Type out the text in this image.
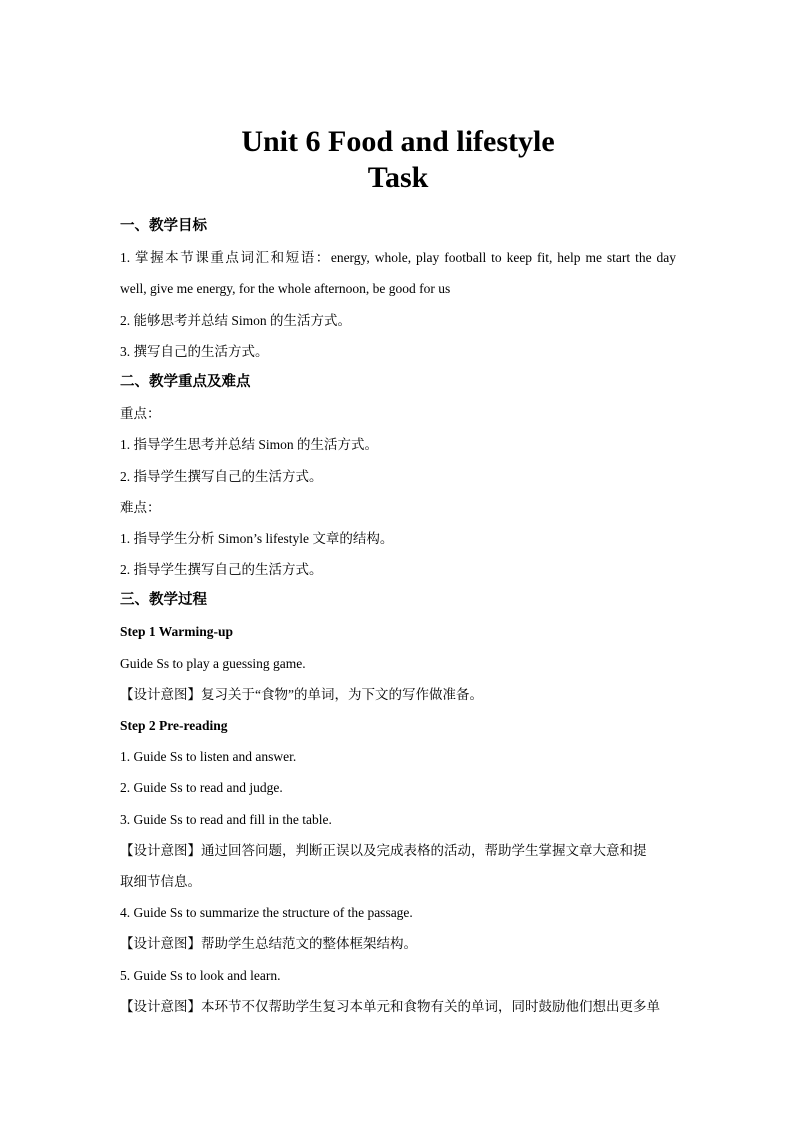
Unit 6 Food and lifestyle
Task

一、教学目标

1. 掌握本节课重点词汇和短语：energy, whole, play football to keep fit, help me start the day

well, give me energy, for the whole afternoon, be good for us

2. 能够思考并总结 Simon 的生活方式。

3. 撰写自己的生活方式。

二、教学重点及难点

重点：

1. 指导学生思考并总结 Simon 的生活方式。

2. 指导学生撰写自己的生活方式。

难点：

1. 指导学生分析 Simon’s lifestyle 文章的结构。

2. 指导学生撰写自己的生活方式。

三、教学过程

Step 1 Warming-up

Guide Ss to play a guessing game.

【设计意图】复习关于“食物”的单词，为下文的写作做准备。

Step 2 Pre-reading

1. Guide Ss to listen and answer.

2. Guide Ss to read and judge.

3. Guide Ss to read and fill in the table.

【设计意图】通过回答问题，判断正误以及完成表格的活动，帮助学生掌握文章大意和提

取细节信息。

4. Guide Ss to summarize the structure of the passage.

【设计意图】帮助学生总结范文的整体框架结构。

5. Guide Ss to look and learn.

【设计意图】本环节不仅帮助学生复习本单元和食物有关的单词，同时鼓励他们想出更多单
